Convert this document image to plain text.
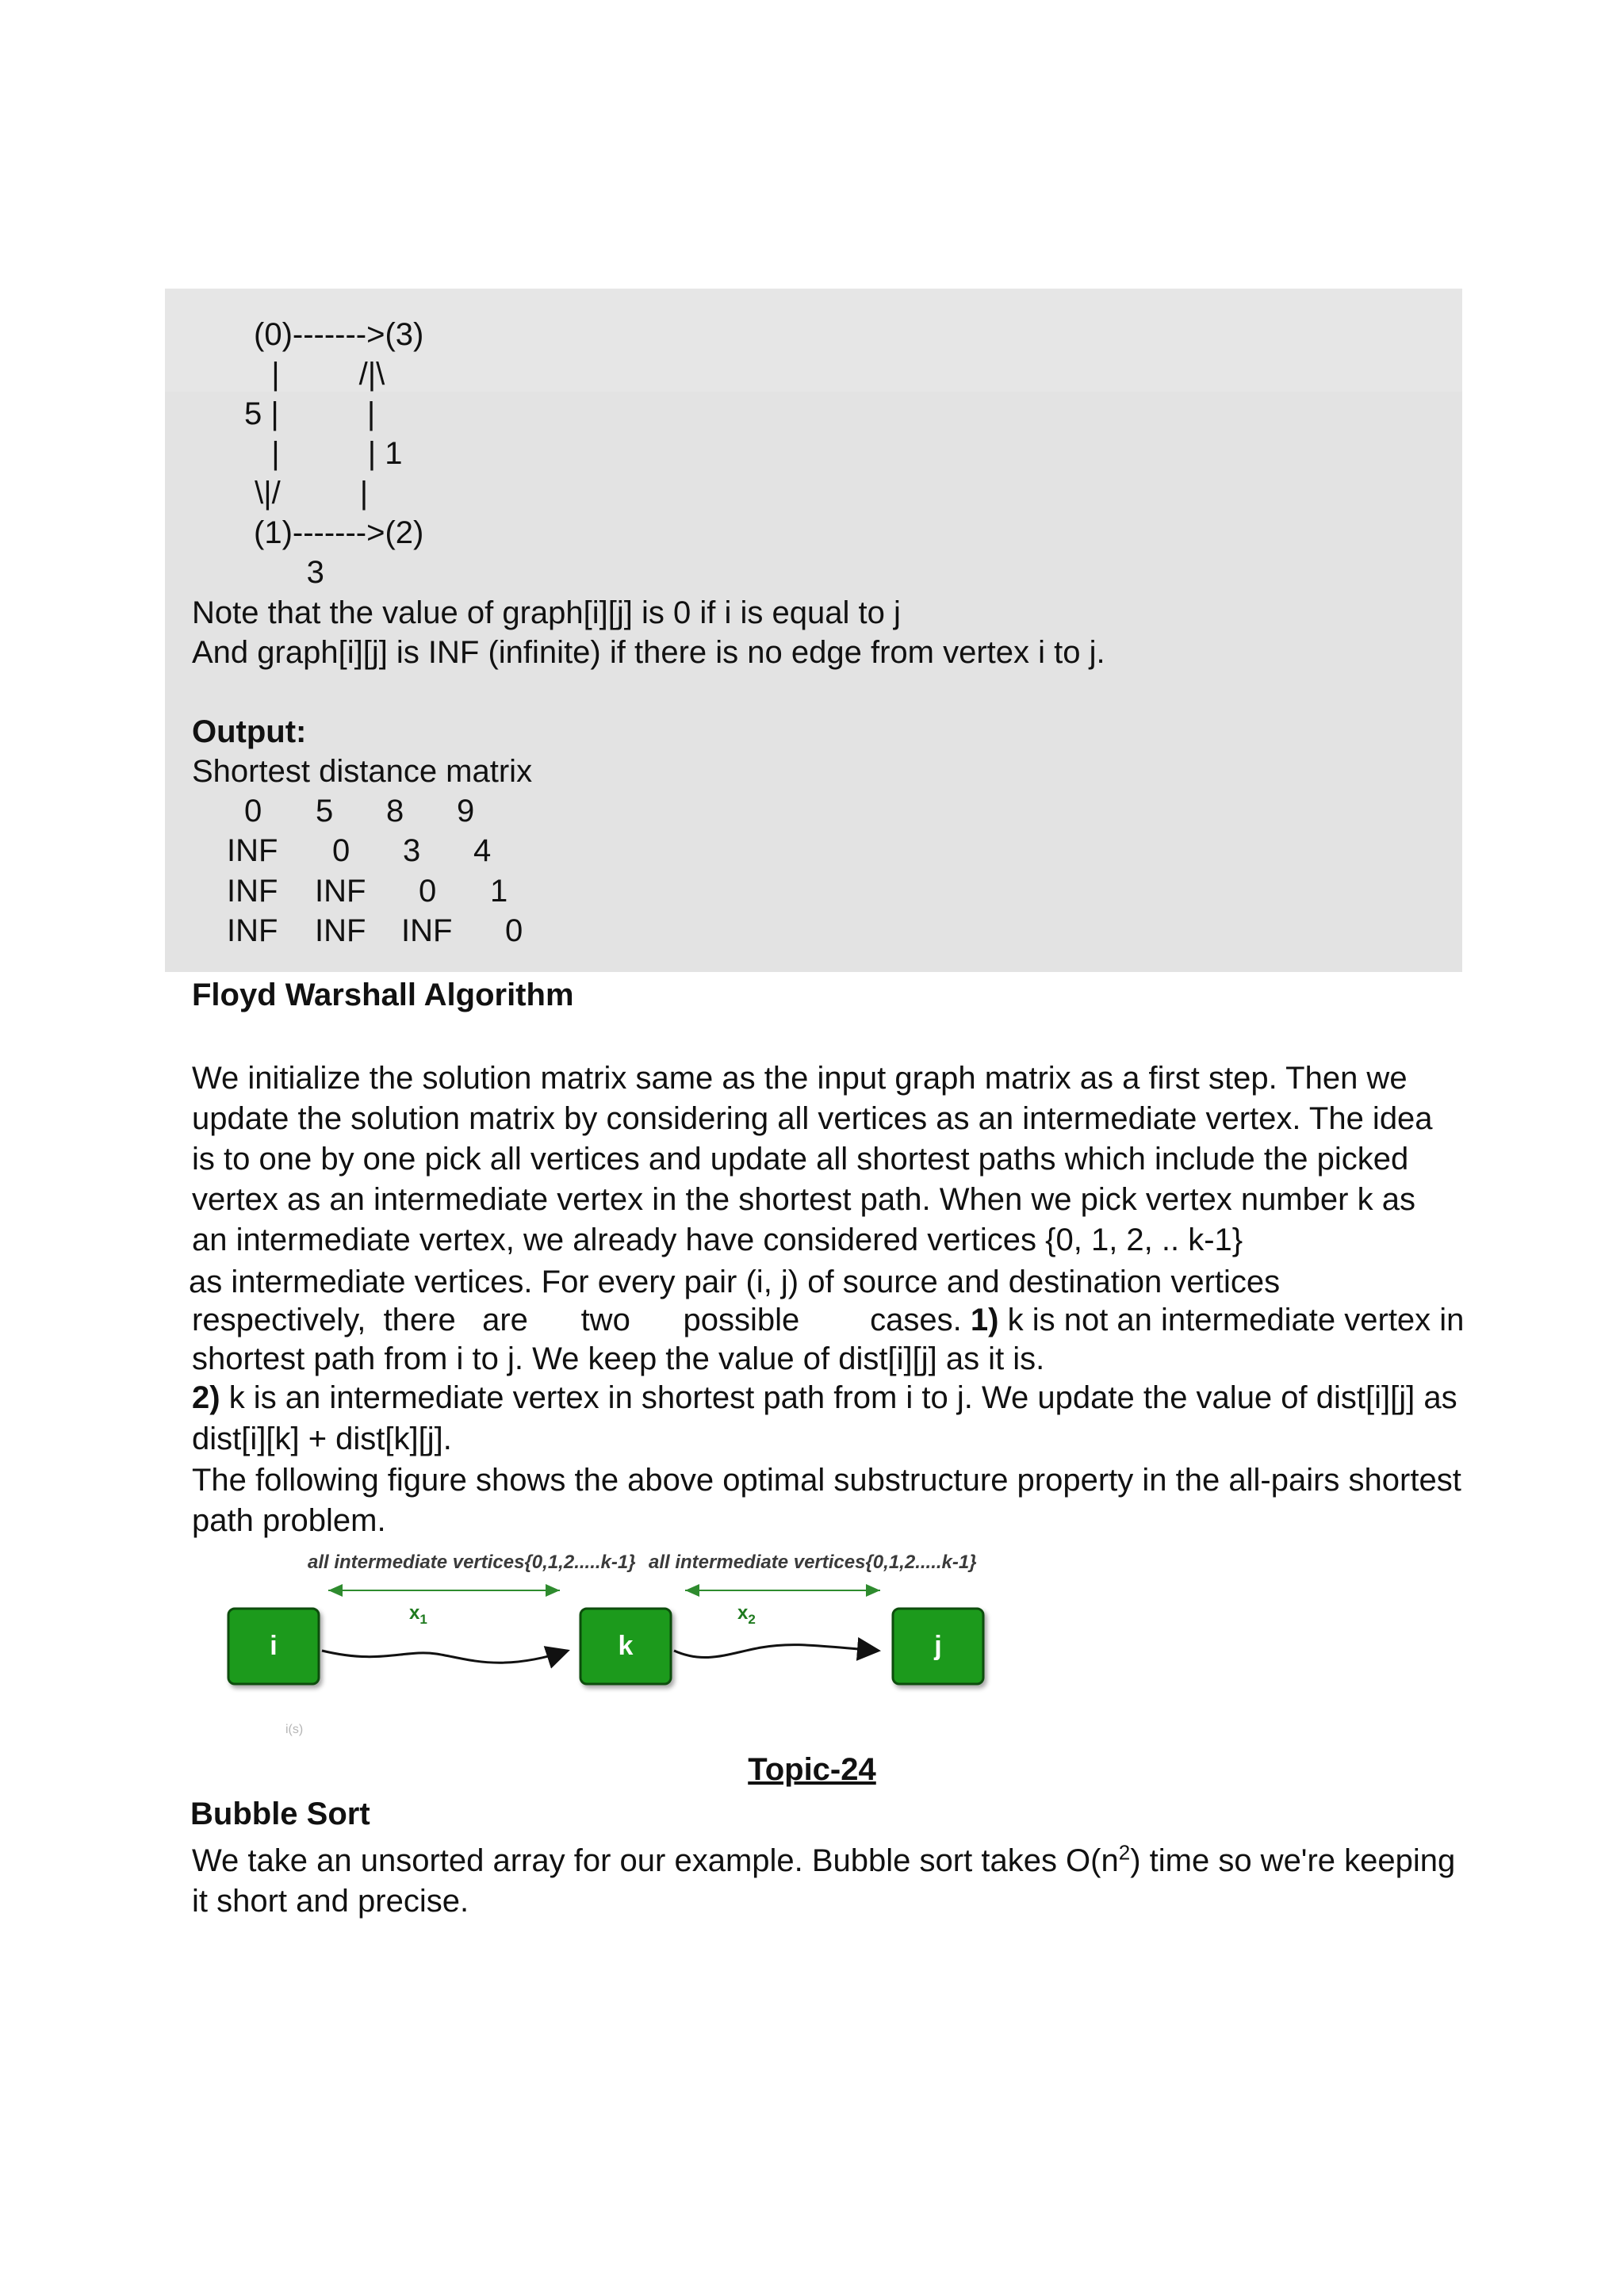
(0)------->(3)
|         /|\
5 |          |
|          | 1
\|/         |
(1)------->(2)
3
Note that the value of graph[i][j] is 0 if i is equal to j
And graph[i][j] is INF (infinite) if there is no edge from vertex i to j.
Output:
Shortest distance matrix
0 5 8 9
INF 0 3 4
INF INF 0 1
INF INF INF 0
Floyd Warshall Algorithm
We initialize the solution matrix same as the input graph matrix as a first step. Then we
update the solution matrix by considering all vertices as an intermediate vertex. The idea
is to one by one pick all vertices and update all shortest paths which include the picked
vertex as an intermediate vertex in the shortest path. When we pick vertex number k as
an intermediate vertex, we already have considered vertices {0, 1, 2, .. k-1}
as intermediate vertices. For every pair (i, j) of source and destination vertices
respectively,  there   are      two      possible        cases. 1) k is not an intermediate vertex in
shortest path from i to j. We keep the value of dist[i][j] as it is.
2) k is an intermediate vertex in shortest path from i to j. We update the value of dist[i][j] as
dist[i][k] + dist[k][j].
The following figure shows the above optimal substructure property in the all-pairs shortest
path problem.
all intermediate vertices{0,1,2.....k-1} all intermediate vertices{0,1,2.....k-1}
$x_1$	$x_2$
i	k	j
i(s)
Topic-24
Bubble Sort
We take an unsorted array for our example. Bubble sort takes $O(n^2)$ time so we're keeping
it short and precise.
